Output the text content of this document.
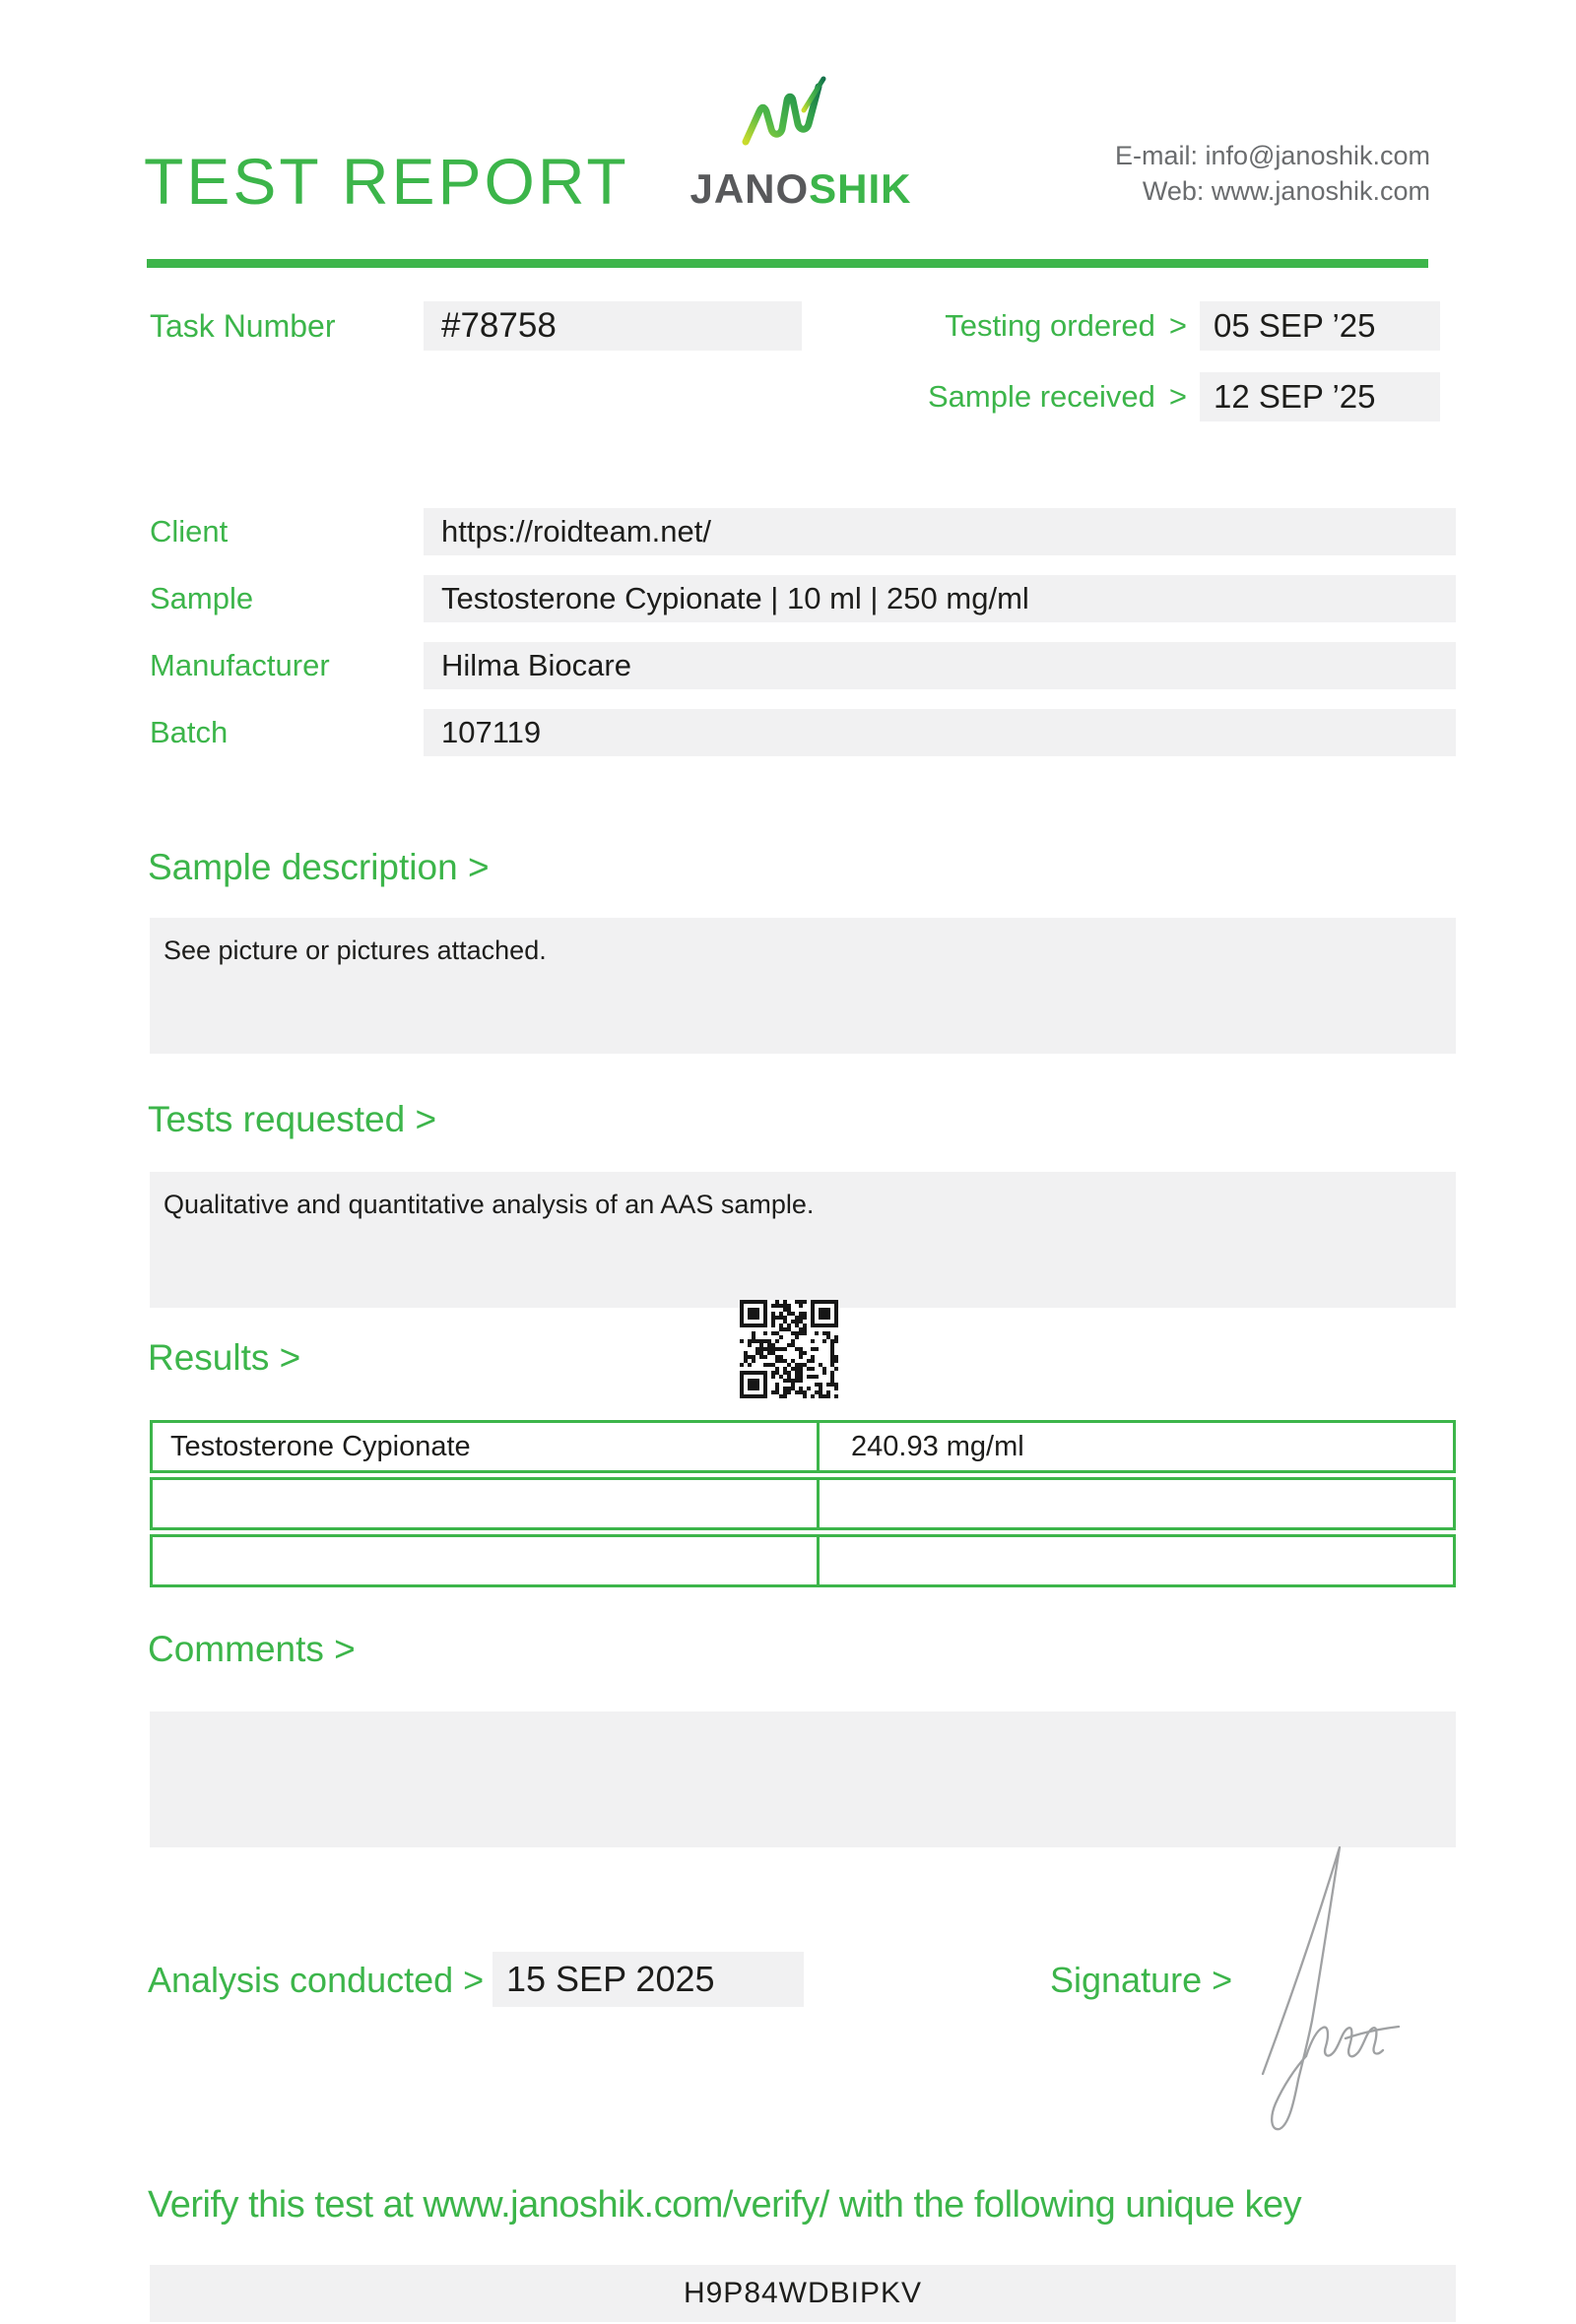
TEST REPORT JANOSHIK
E-mail: info@janoshik.com
Web: www.janoshik.com
Task Number	#78758	Testing ordered > 05 SEP ’25
Sample received > 12 SEP ’25
Client	https://roidteam.net/
Sample	Testosterone Cypionate | 10 ml | 250 mg/ml
Manufacturer	Hilma Biocare
Batch	107119
Sample description >
See picture or pictures attached.
Tests requested >
Qualitative and quantitative analysis of an AAS sample.
Results >
Testosterone Cypionate	240.93 mg/ml
Comments >
Analysis conducted > 15 SEP 2025	Signature >
Verify this test at www.janoshik.com/verify/ with the following unique key
H9P84WDBIPKV
